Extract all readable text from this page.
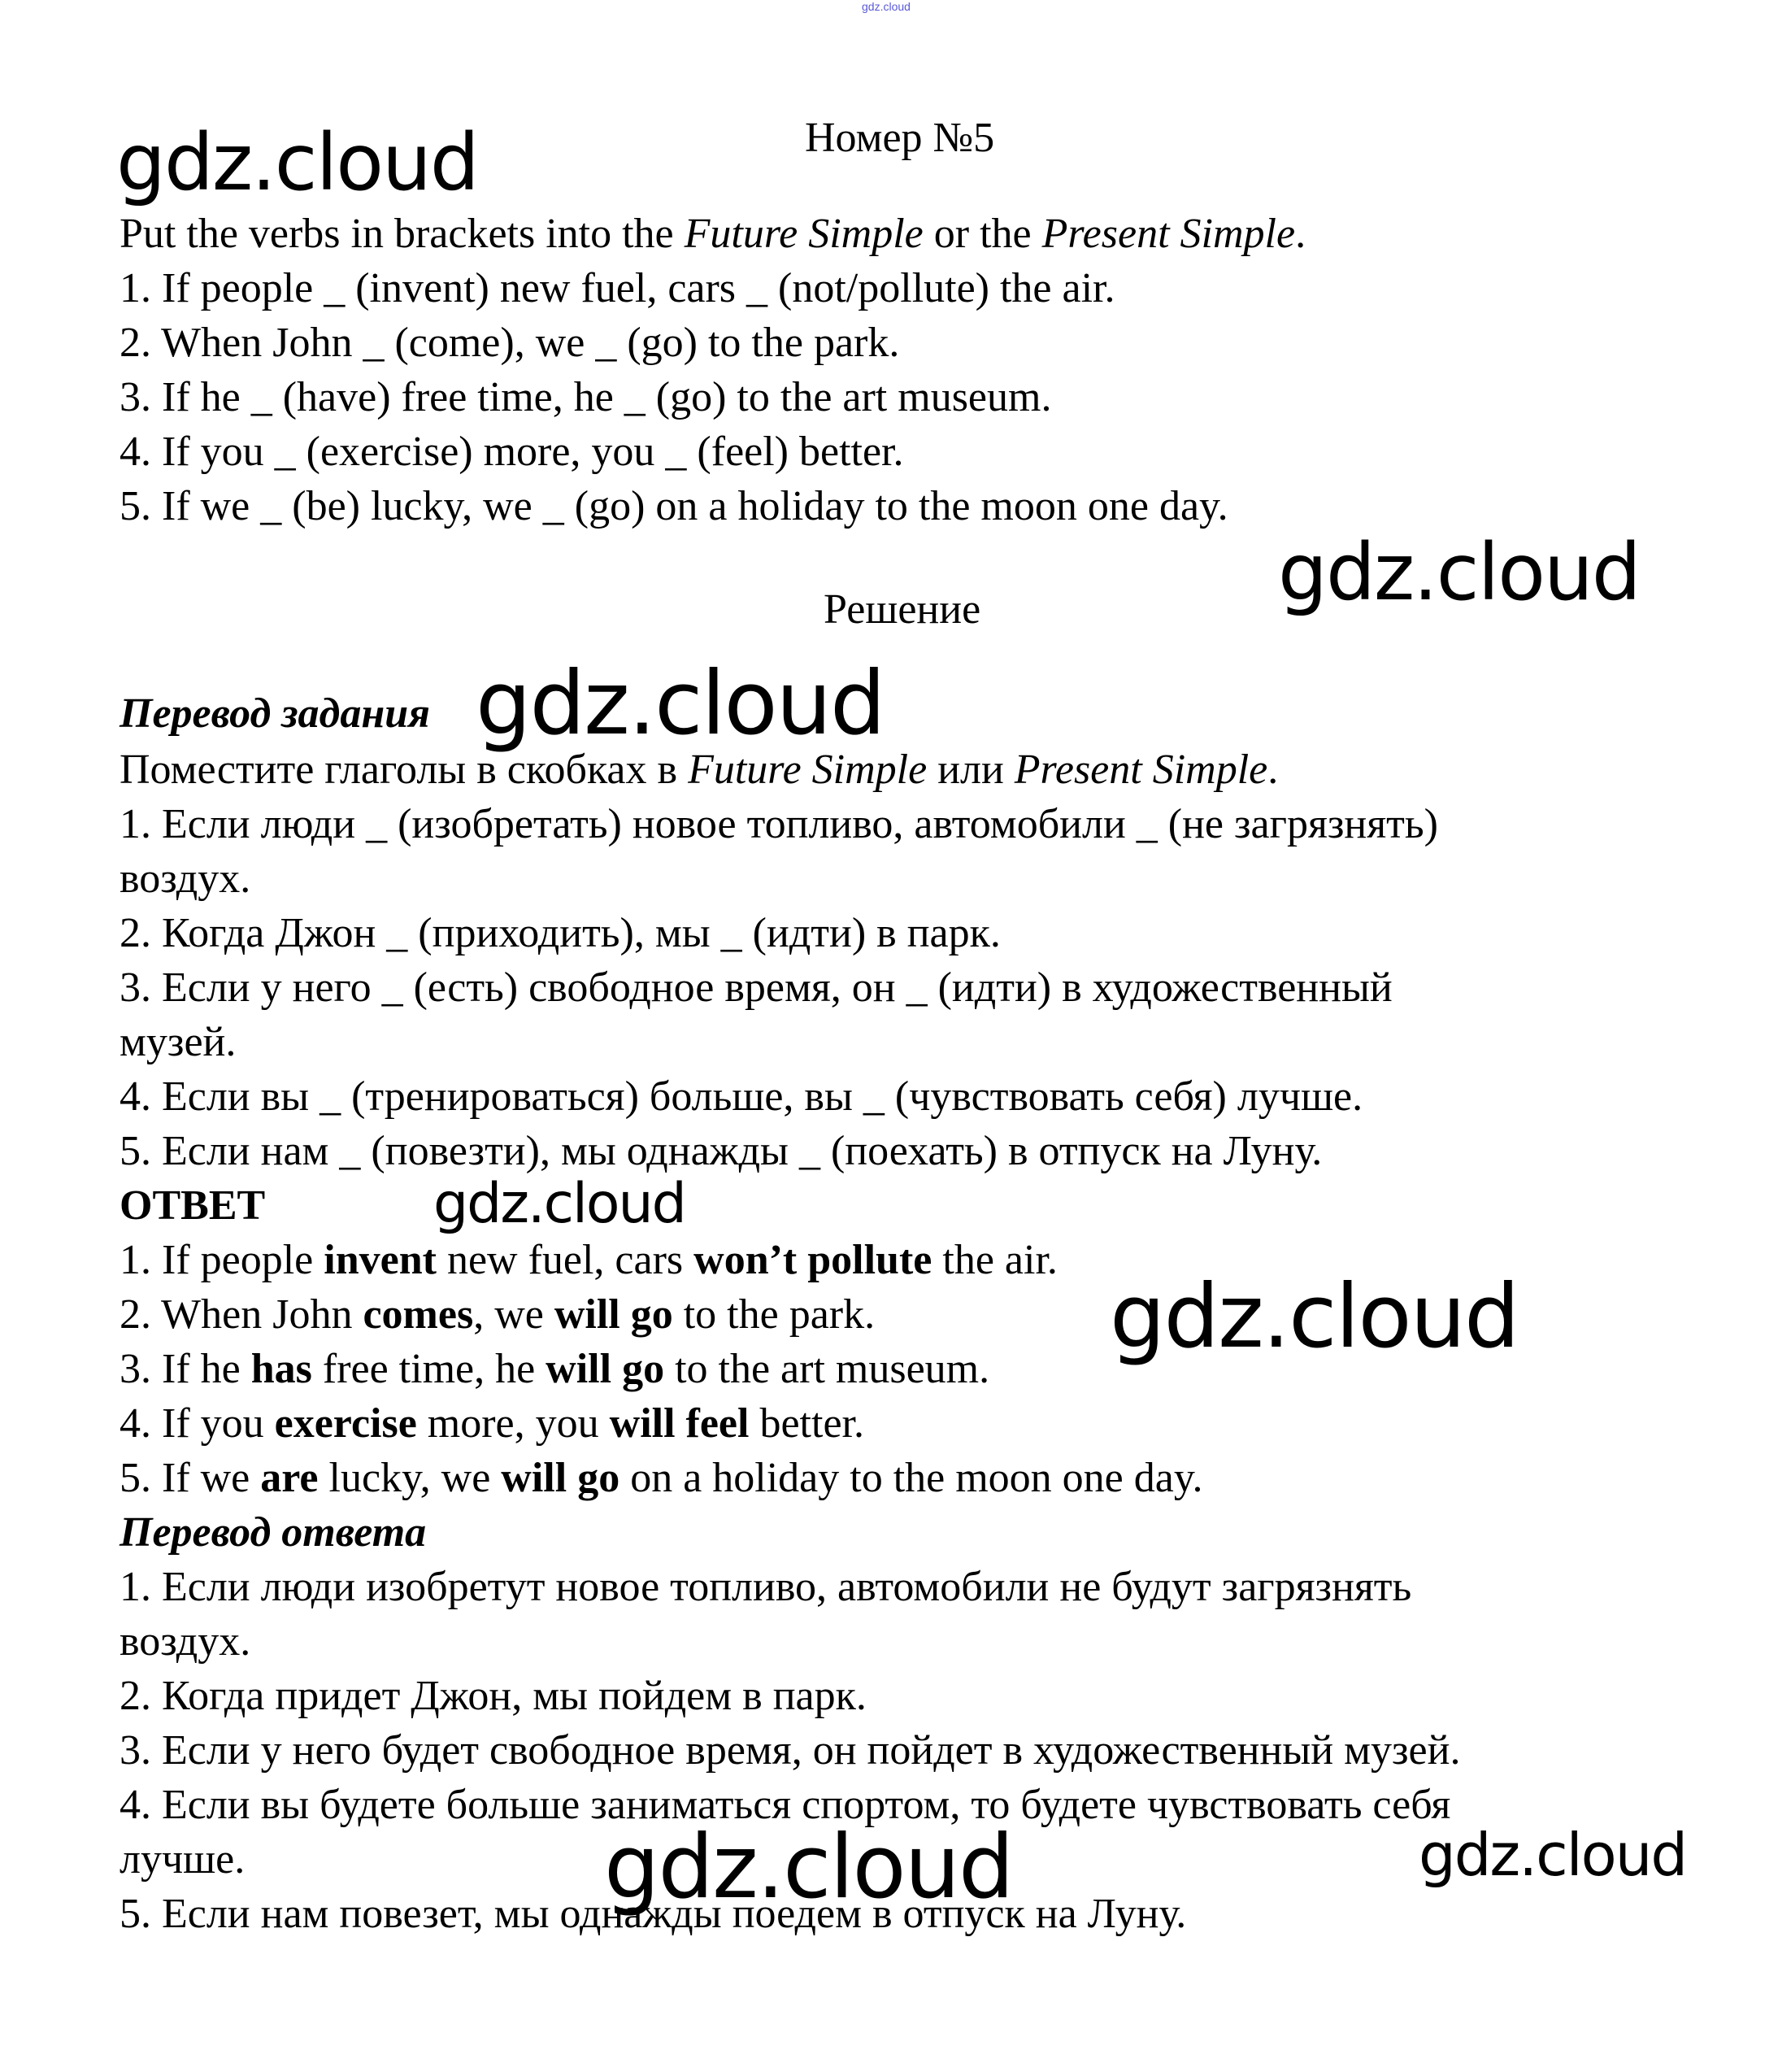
gdz.cloud
Номер №5
Put the verbs in brackets into the Future Simple or the Present Simple.
1. If people _ (invent) new fuel, cars _ (not/pollute) the air.
2. When John _ (come), we _ (go) to the park.
3. If he _ (have) free time, he _ (go) to the art museum.
4. If you _ (exercise) more, you _ (feel) better.
5. If we _ (be) lucky, we _ (go) on a holiday to the moon one day.
Решение
Перевод задания
Поместите глаголы в скобках в Future Simple или Present Simple.
1. Если люди _ (изобретать) новое топливо, автомобили _ (не загрязнять)
воздух.
2. Когда Джон _ (приходить), мы _ (идти) в парк.
3. Если у него _ (есть) свободное время, он _ (идти) в художественный
музей.
4. Если вы _ (тренироваться) больше, вы _ (чувствовать себя) лучше.
5. Если нам _ (повезти), мы однажды _ (поехать) в отпуск на Луну.
ОТВЕТ
1. If people invent new fuel, cars won’t pollute the air.
2. When John comes, we will go to the park.
3. If he has free time, he will go to the art museum.
4. If you exercise more, you will feel better.
5. If we are lucky, we will go on a holiday to the moon one day.
Перевод ответа
1. Если люди изобретут новое топливо, автомобили не будут загрязнять
воздух.
2. Когда придет Джон, мы пойдем в парк.
3. Если у него будет свободное время, он пойдет в художественный музей.
4. Если вы будете больше заниматься спортом, то будете чувствовать себя
лучше.
5. Если нам повезет, мы однажды поедем в отпуск на Луну.
gdz.cloud
gdz.cloud
gdz.cloud
gdz.cloud
gdz.cloud
gdz.cloud	gdz.cloud
